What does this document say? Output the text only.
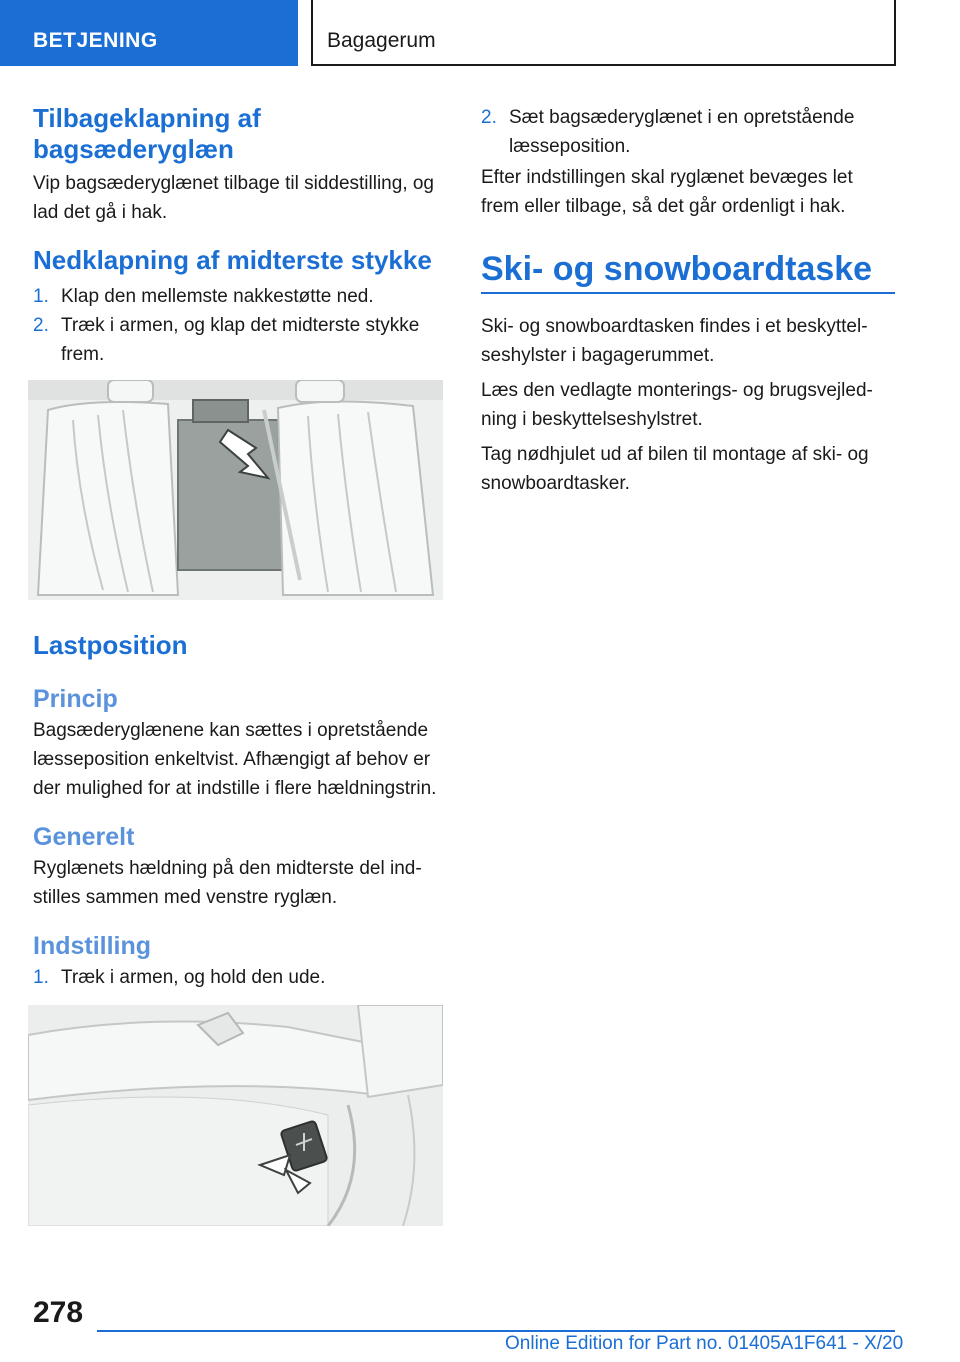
BETJENING	Bagagerum

Tilbageklapning af

bagsæderyglæn

Vip bagsæderyglænet tilbage til siddestilling, og

lad det gå i hak.

Nedklapning af midterste stykke

1. Klap den mellemste nakkestøtte ned.
2. Træk i armen, og klap det midterste stykke
frem.

Lastposition

Princip

Bagsæderyglænene kan sættes i opretstående

læsseposition enkeltvist. Afhængigt af behov er

der mulighed for at indstille i flere hældningstrin.

Generelt

Ryglænets hældning på den midterste del ind-

stilles sammen med venstre ryglæn.

Indstilling

1. Træk i armen, og hold den ude.
2. Sæt bagsæderyglænet i en opretstående
læsseposition.

Efter indstillingen skal ryglænet bevæges let

frem eller tilbage, så det går ordenligt i hak.

Ski- og snowboardtaske

Ski- og snowboardtasken findes i et beskyttel-

seshylster i bagagerummet.

Læs den vedlagte monterings- og brugsvejled-

ning i beskyttelseshylstret.

Tag nødhjulet ud af bilen til montage af ski- og

snowboardtasker.

278
Online Edition for Part no. 01405A1F641 - X/20
